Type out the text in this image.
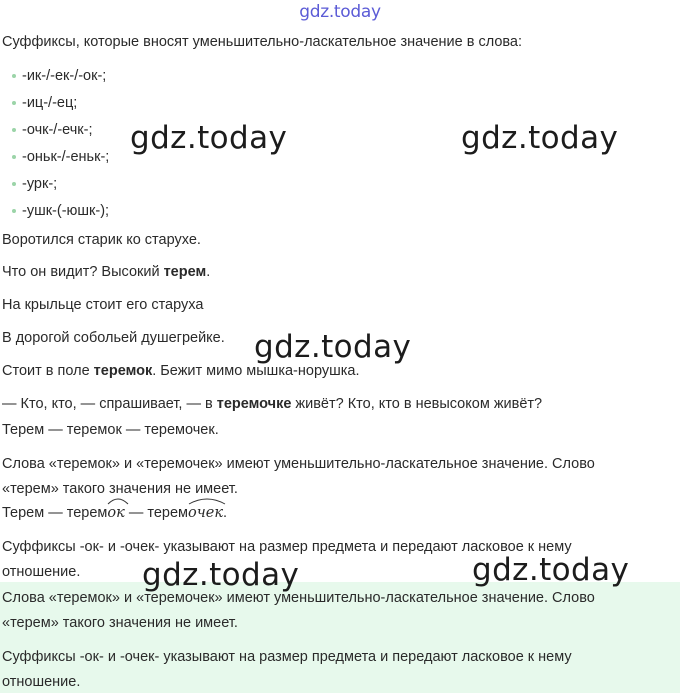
gdz.today
Суффиксы, которые вносят уменьшительно-ласкательное значение в слова:
-ик-/-ек-/-ок-;
-иц-/-ец;
-очк-/-ечк-;
-оньк-/-еньк-;
-урк-;
-ушк-(-юшк-);
Воротился старик ко старухе.
Что он видит? Высокий терем.
На крыльце стоит его старуха
В дорогой собольей душегрейке.
Стоит в поле теремок. Бежит мимо мышка-норушка.
— Кто, кто, — спрашивает, — в теремочке живёт? Кто, кто в невысоком живёт?
Терем — теремок — теремочек.
Слова «теремок» и «теремочек» имеют уменьшительно-ласкательное значение. Слово
«терем» такого значения не имеет.
Терем — терем
ок — терем
очек.
Суффиксы -ок- и -очек- указывают на размер предмета и передают ласковое к нему
отношение.
Слова «теремок» и «теремочек» имеют уменьшительно-ласкательное значение. Слово
«терем» такого значения не имеет.
Суффиксы -ок- и -очек- указывают на размер предмета и передают ласковое к нему
отношение.
gdz.today	gdz.today
gdz.today
gdz.today	gdz.today
